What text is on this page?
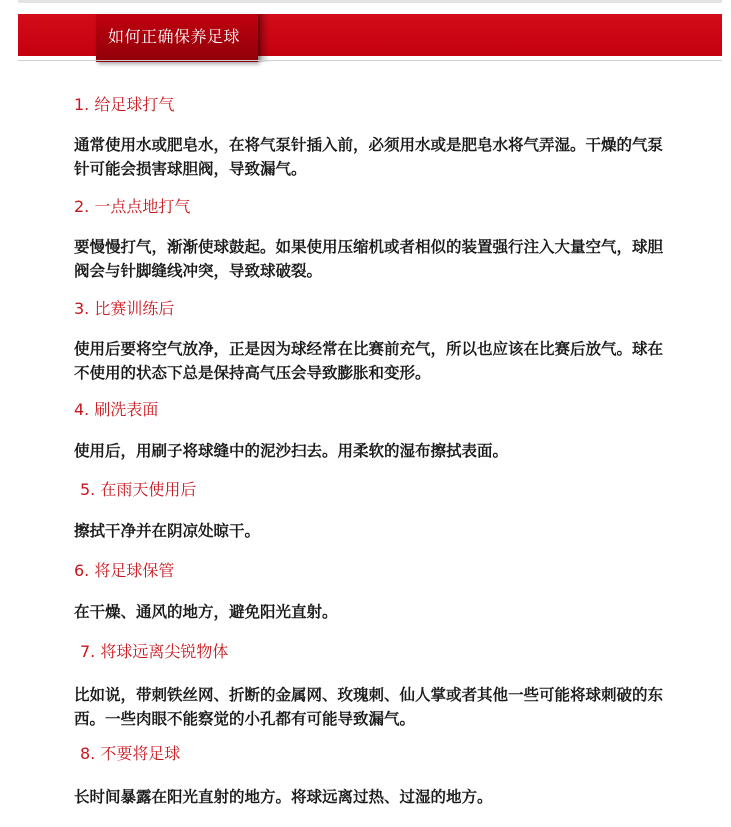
如何正确保养足球
1. 给足球打气
通常使用水或肥皂水，在将气泵针插入前，必须用水或是肥皂水将气弄湿。干燥的气泵针可能会损害球胆阀，导致漏气。
2. 一点点地打气
要慢慢打气，渐渐使球鼓起。如果使用压缩机或者相似的装置强行注入大量空气，球胆阀会与针脚缝线冲突，导致球破裂。
3. 比赛训练后
使用后要将空气放净，正是因为球经常在比赛前充气，所以也应该在比赛后放气。球在不使用的状态下总是保持高气压会导致膨胀和变形。
4. 刷洗表面
使用后，用刷子将球缝中的泥沙扫去。用柔软的湿布擦拭表面。
5. 在雨天使用后
擦拭干净并在阴凉处晾干。
6. 将足球保管
在干燥、通风的地方，避免阳光直射。
7. 将球远离尖锐物体
比如说，带刺铁丝网、折断的金属网、玫瑰刺、仙人掌或者其他一些可能将球刺破的东西。一些肉眼不能察觉的小孔都有可能导致漏气。
8. 不要将足球
长时间暴露在阳光直射的地方。将球远离过热、过湿的地方。
